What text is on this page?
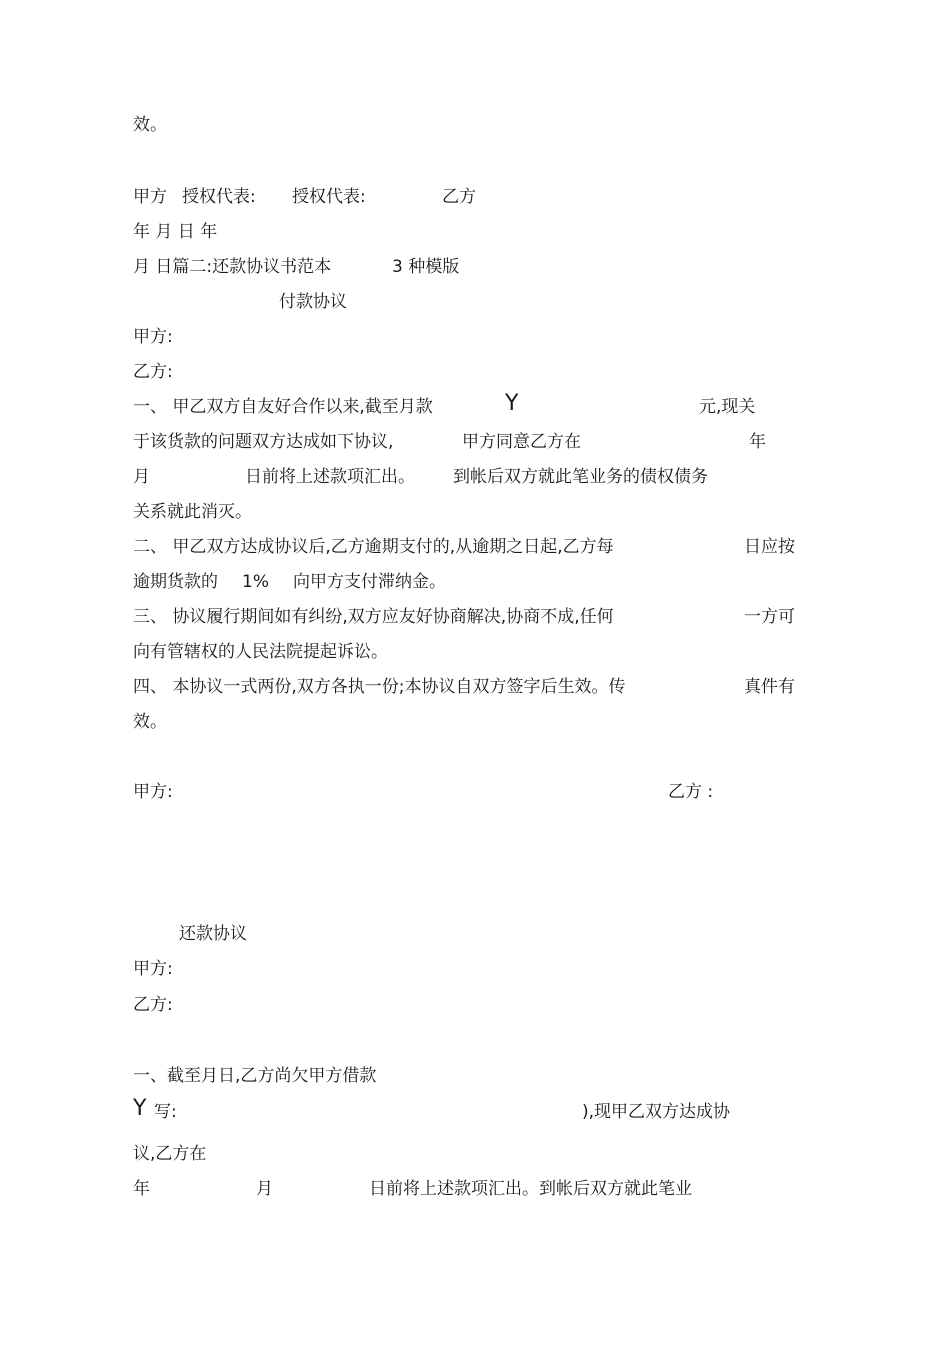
效。
甲方 授权代表: 授权代表:	乙方
年 月 日 年
月 日篇二:还款协议书范本	3 种模版
付款协议
甲方:
乙方:
一、 甲乙双方自友好合作以来,截至月款	Y	元,现关
于该货款的问题双方达成如下协议,	甲方同意乙方在	年
月	日前将上述款项汇出。 到帐后双方就此笔业务的债权债务
关系就此消灭。
二、 甲乙双方达成协议后,乙方逾期支付的,从逾期之日起,乙方每	日应按
逾期货款的 1% 向甲方支付滞纳金。
三、 协议履行期间如有纠纷,双方应友好协商解决,协商不成,任何	一方可
向有管辖权的人民法院提起诉讼。
四、 本协议一式两份,双方各执一份;本协议自双方签字后生效。传	真件有
效。
甲方:	乙方 :
还款协议
甲方:
乙方:
一、截至月日,乙方尚欠甲方借款
Y 写:	),现甲乙双方达成协
议,乙方在
年	月	日前将上述款项汇出。到帐后双方就此笔业
